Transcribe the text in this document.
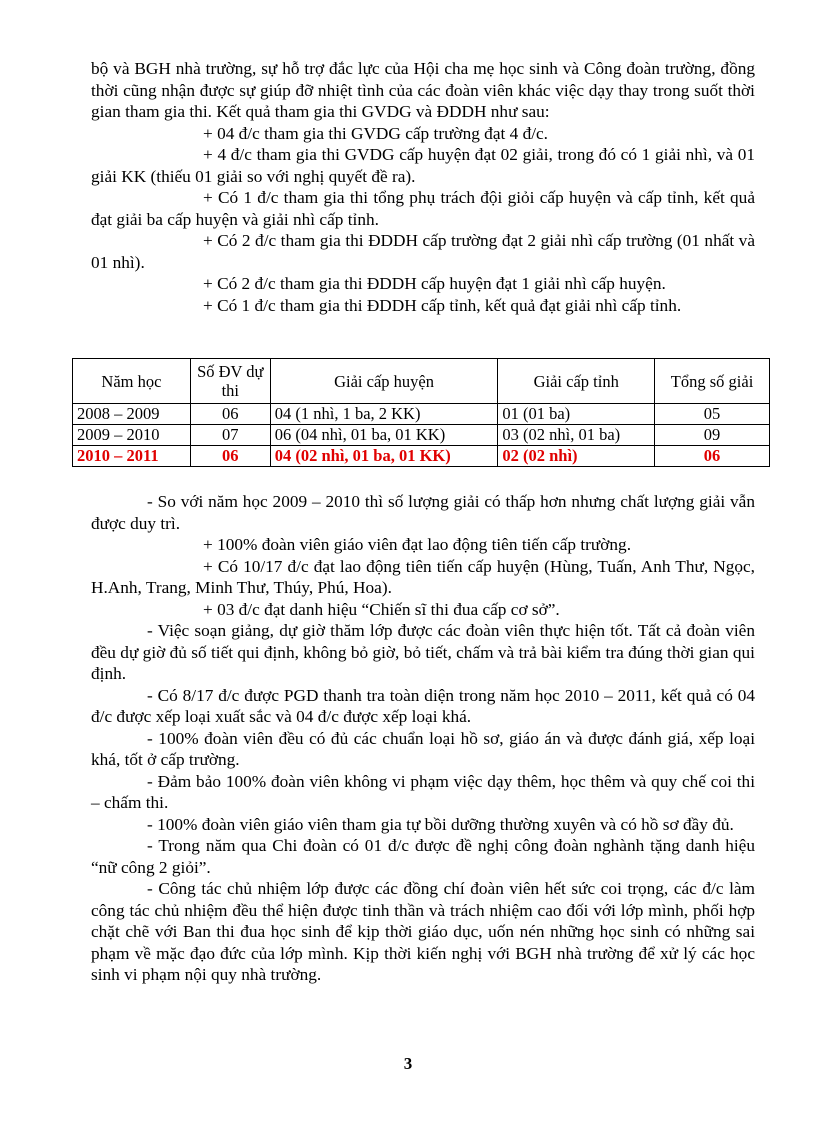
bộ và BGH nhà trường, sự hỗ trợ đắc lực của Hội cha mẹ học sinh và Công đoàn trường, đồng thời cũng nhận được sự giúp đỡ nhiệt tình của các đoàn viên khác việc dạy thay trong suốt thời gian tham gia thi. Kết quả tham gia thi GVDG và ĐDDH như sau:

+ 04 đ/c tham gia thi GVDG cấp trường đạt 4 đ/c.

+ 4 đ/c tham gia thi GVDG cấp huyện đạt 02 giải, trong đó có 1 giải nhì, và 01 giải KK (thiếu 01 giải so với nghị quyết đề ra).

+ Có 1 đ/c tham gia thi tổng phụ trách đội giỏi cấp huyện và cấp tỉnh, kết quả đạt giải ba cấp huyện và giải nhì cấp tỉnh.

+ Có 2 đ/c tham gia thi ĐDDH cấp trường đạt 2 giải nhì cấp trường (01 nhất và 01 nhì).

+ Có 2 đ/c tham gia thi ĐDDH cấp huyện đạt 1 giải nhì cấp huyện.

+ Có 1 đ/c tham gia thi ĐDDH cấp tỉnh, kết quả đạt giải nhì cấp tỉnh.

Năm học	Số ĐV dự thi	Giải cấp huyện	Giải cấp tỉnh	Tổng số giải
2008 – 2009	06	04 (1 nhì, 1 ba, 2 KK)	01 (01 ba)	05
2009 – 2010	07	06 (04 nhì, 01 ba, 01 KK)	03 (02 nhì, 01 ba)	09
2010 – 2011	06	04 (02 nhì, 01 ba, 01 KK)	02 (02 nhì)	06

- So với năm học 2009 – 2010 thì số lượng giải có thấp hơn nhưng chất lượng giải vẫn được duy trì.

+ 100% đoàn viên giáo viên đạt lao động tiên tiến cấp trường.

+ Có 10/17 đ/c đạt lao động tiên tiến cấp huyện (Hùng, Tuấn, Anh Thư, Ngọc, H.Anh, Trang, Minh Thư, Thúy, Phú, Hoa).

+ 03 đ/c đạt danh hiệu “Chiến sĩ thi đua cấp cơ sở”.

- Việc soạn giảng, dự giờ thăm lớp được các đoàn viên thực hiện tốt. Tất cả đoàn viên đều dự giờ đủ số tiết qui định, không bỏ giờ, bỏ tiết, chấm và trả bài kiểm tra đúng thời gian qui định.

- Có 8/17 đ/c được PGD thanh tra toàn diện trong năm học 2010 – 2011, kết quả có 04 đ/c được xếp loại xuất sắc và 04 đ/c được xếp loại khá.

- 100% đoàn viên đều có đủ các chuẩn loại hồ sơ, giáo án và được đánh giá, xếp loại khá, tốt ở cấp trường.

- Đảm bảo 100% đoàn viên không vi phạm việc dạy thêm, học thêm và quy chế coi thi – chấm thi.

- 100% đoàn viên giáo viên tham gia tự bồi dưỡng thường xuyên và có hồ sơ đầy đủ.

- Trong năm qua Chi đoàn có 01 đ/c được đề nghị công đoàn nghành tặng danh hiệu “nữ công 2 giỏi”.

- Công tác chủ nhiệm lớp được các đồng chí đoàn viên hết sức coi trọng, các đ/c làm công tác chủ nhiệm đều thể hiện được tinh thần và trách nhiệm cao đối với lớp mình, phối hợp chặt chẽ với Ban thi đua học sinh để kịp thời giáo dục, uốn nén những học sinh có những sai phạm về mặc đạo đức của lớp mình. Kịp thời kiến nghị với BGH nhà trường để xử lý các học sinh vi phạm nội quy nhà trường.

3
